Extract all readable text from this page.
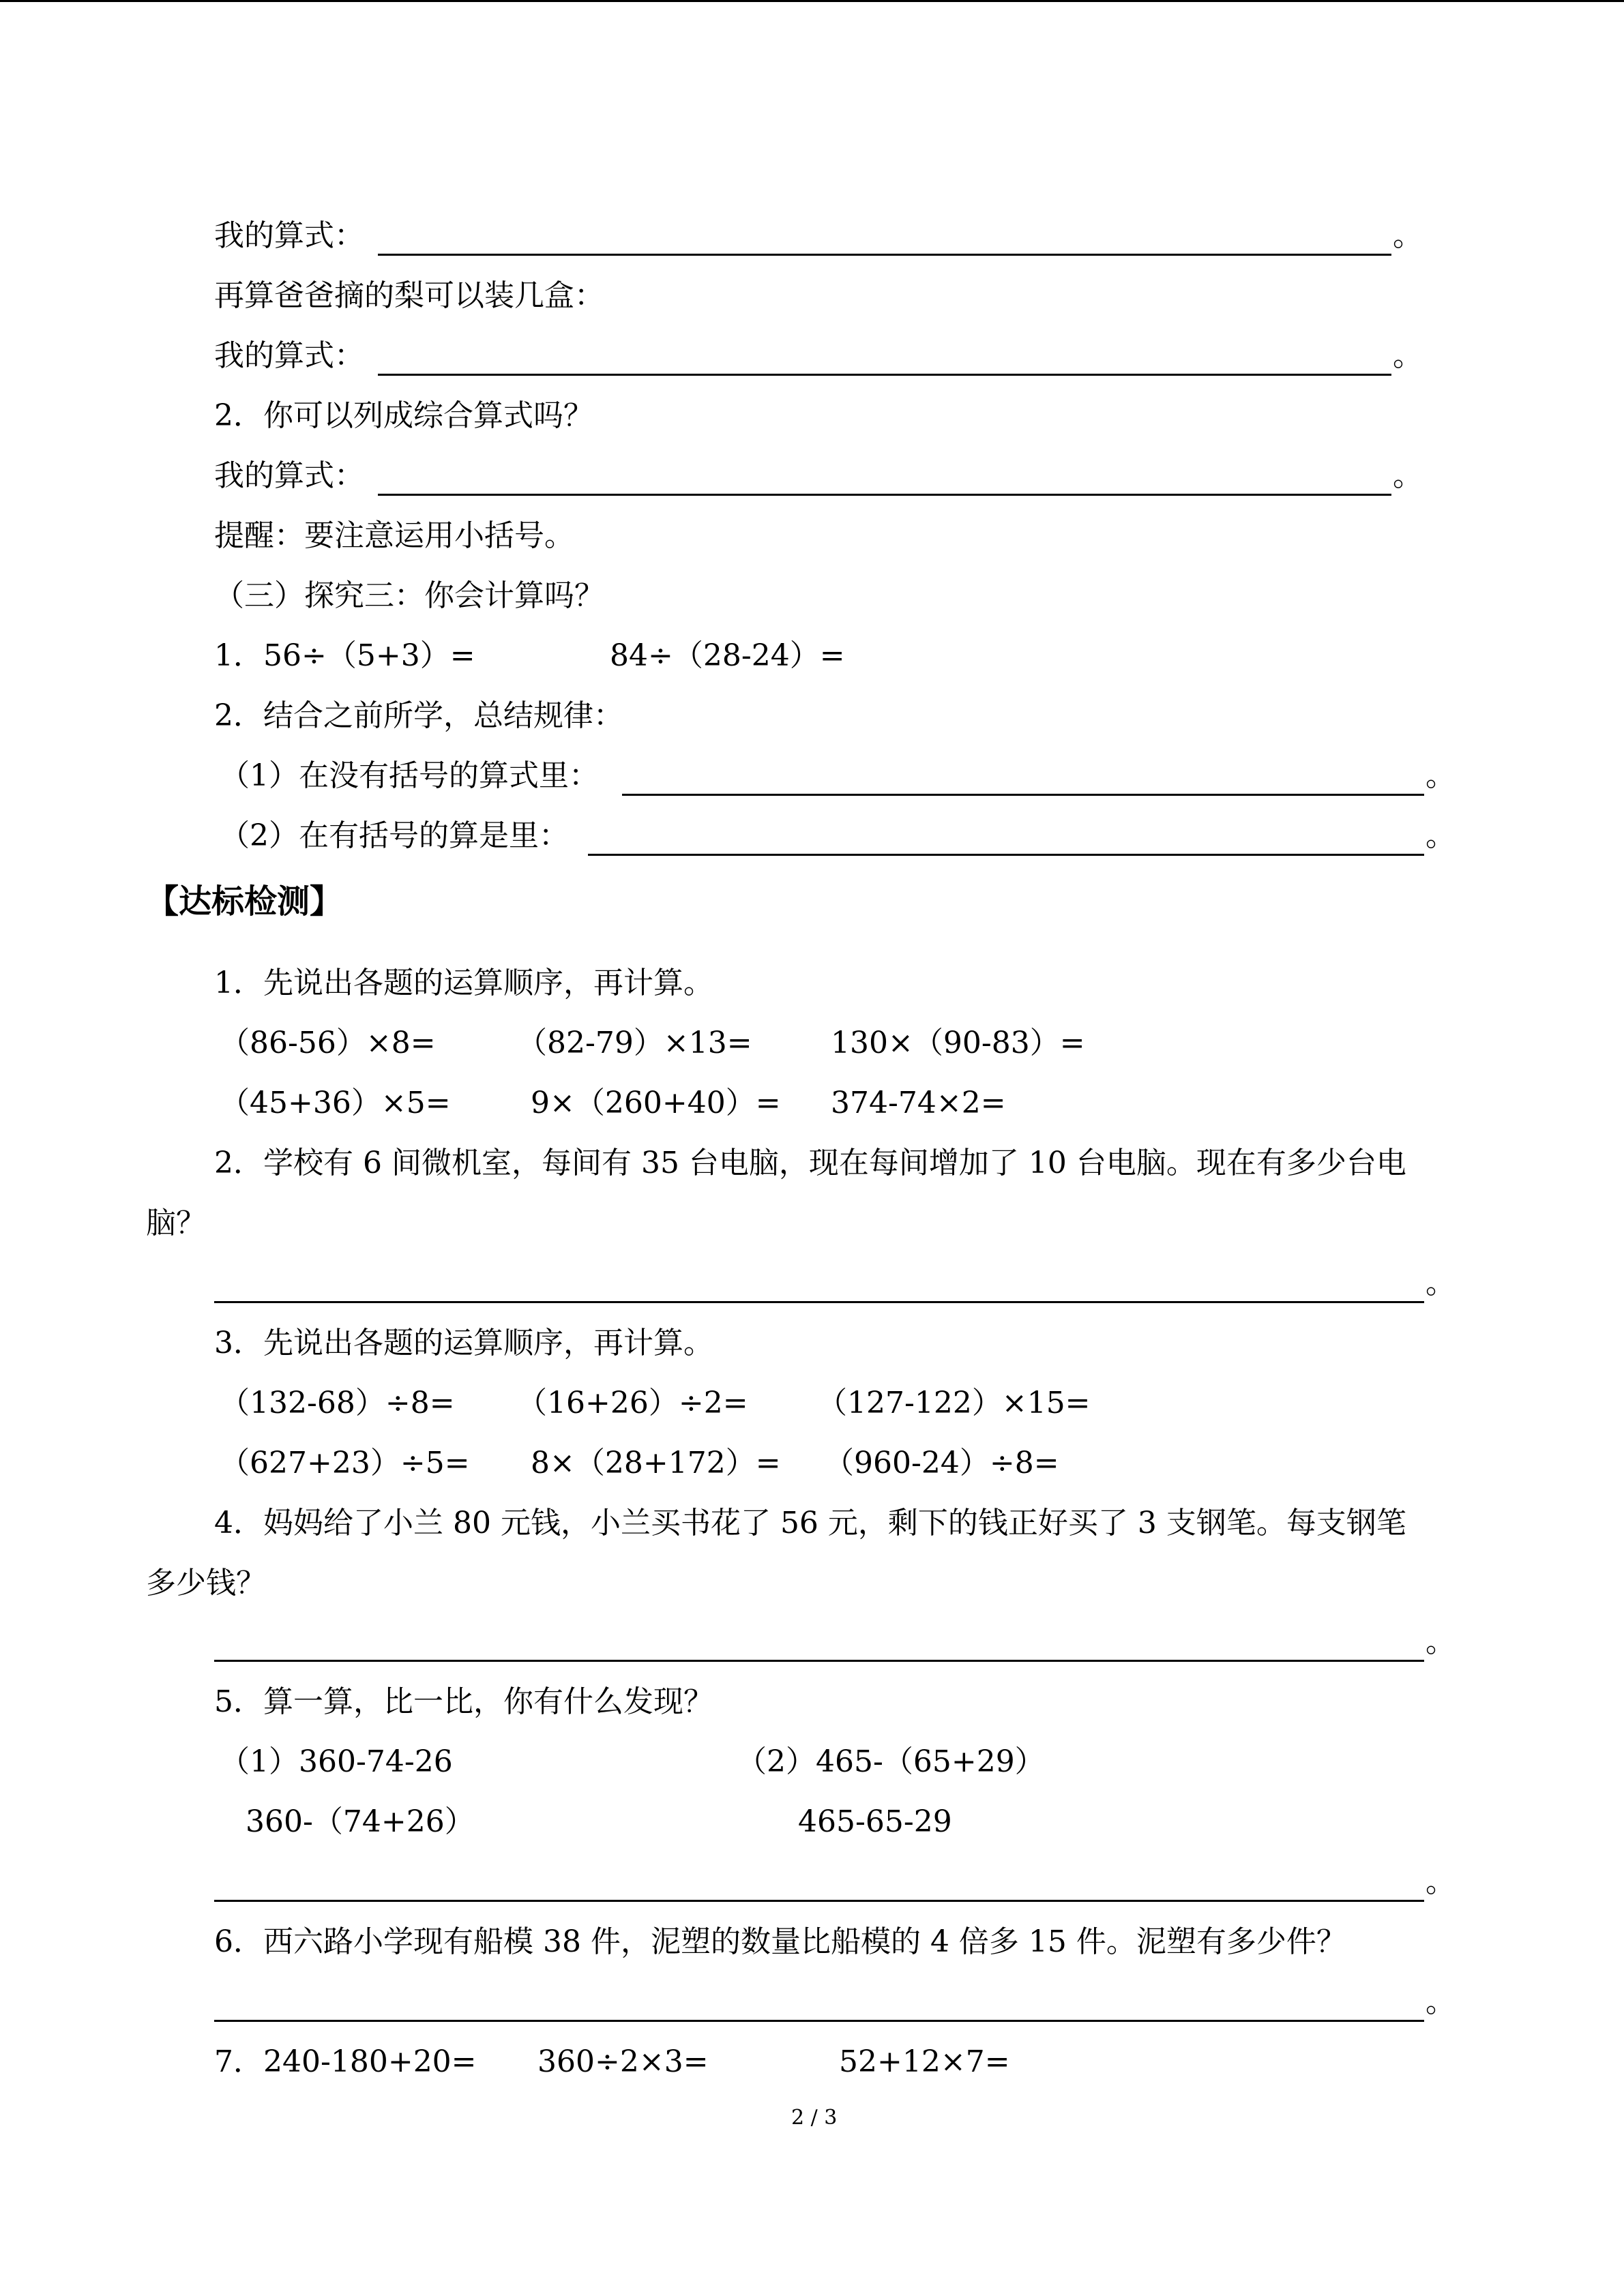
我的算式：	。
再算爸爸摘的梨可以装几盒：
我的算式：	。
2．你可以列成综合算式吗？
我的算式：	。
提醒：要注意运用小括号。
（三）探究三：你会计算吗？
1．56÷（5+3）=	84÷（28-24）=
2．结合之前所学，总结规律：
（1）在没有括号的算式里：	。
（2）在有括号的算是里：	。
【达标检测】
1．先说出各题的运算顺序，再计算。
（86-56）×8=	（82-79）×13=	130×（90-83）=
（45+36）×5=	9×（260+40）= 374-74×2=
2．学校有 6 间微机室，每间有 35 台电脑，现在每间增加了 10 台电脑。现在有多少台电
脑？
。
3．先说出各题的运算顺序，再计算。
（132-68）÷8= （16+26）÷2= （127-122）×15=
（627+23）÷5= 8×（28+172）= （960-24）÷8=
4．妈妈给了小兰 80 元钱，小兰买书花了 56 元，剩下的钱正好买了 3 支钢笔。每支钢笔
多少钱？
。
5．算一算，比一比，你有什么发现？
（1）360-74-26	（2）465-（65+29）
360-（74+26）	465-65-29
。
6．西六路小学现有船模 38 件，泥塑的数量比船模的 4 倍多 15 件。泥塑有多少件？
。
7．240-180+20= 360÷2×3=	52+12×7=
2 / 3
